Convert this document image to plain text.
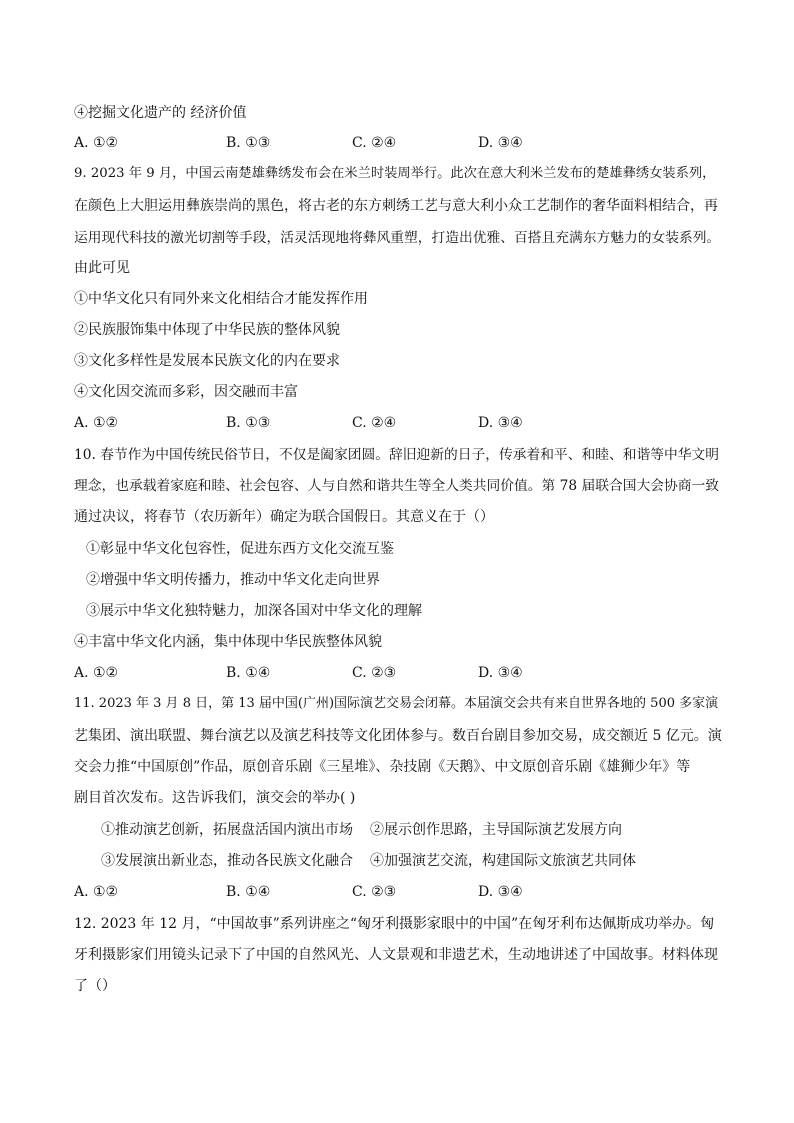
④挖掘文化遗产的 经济价值
A. ①②	B. ①③	C. ②④	D. ③④
9. 2023 年 9 月，中国云南楚雄彝绣发布会在米兰时装周举行。此次在意大利米兰发布的楚雄彝绣女装系列，
在颜色上大胆运用彝族崇尚的黑色，将古老的东方刺绣工艺与意大利小众工艺制作的奢华面料相结合，再
运用现代科技的激光切割等手段，活灵活现地将彝风重塑，打造出优雅、百搭且充满东方魅力的女装系列。
由此可见
①中华文化只有同外来文化相结合才能发挥作用
②民族服饰集中体现了中华民族的整体风貌
③文化多样性是发展本民族文化的内在要求
④文化因交流而多彩，因交融而丰富
A. ①②	B. ①③	C. ②④	D. ③④
10. 春节作为中国传统民俗节日，不仅是阖家团圆。辞旧迎新的日子，传承着和平、和睦、和谐等中华文明
理念，也承载着家庭和睦、社会包容、人与自然和谐共生等全人类共同价值。第 78 届联合国大会协商一致
通过决议，将春节（农历新年）确定为联合国假日。其意义在于（）
①彰显中华文化包容性，促进东西方文化交流互鉴
②增强中华文明传播力，推动中华文化走向世界
③展示中华文化独特魅力，加深各国对中华文化的理解
④丰富中华文化内涵，集中体现中华民族整体风貌
A. ①②	B. ①④	C. ②③	D. ③④
11. 2023 年 3 月 8 日，第 13 届中国(广州)国际演艺交易会闭幕。本届演交会共有来自世界各地的 500 多家演
艺集团、演出联盟、舞台演艺以及演艺科技等文化团体参与。数百台剧目参加交易，成交额近 5 亿元。演
交会力推“中国原创”作品，原创音乐剧《三星堆》、杂技剧《天鹅》、中文原创音乐剧《雄狮少年》等
剧目首次发布。这告诉我们，演交会的举办( )
①推动演艺创新，拓展盘活国内演出市场 ②展示创作思路，主导国际演艺发展方向
③发展演出新业态，推动各民族文化融合 ④加强演艺交流，构建国际文旅演艺共同体
A. ①②	B. ①④	C. ②③	D. ③④
12. 2023 年 12 月，“中国故事”系列讲座之“匈牙利摄影家眼中的中国”在匈牙利布达佩斯成功举办。匈
牙利摄影家们用镜头记录下了中国的自然风光、人文景观和非遗艺术，生动地讲述了中国故事。材料体现
了（）
